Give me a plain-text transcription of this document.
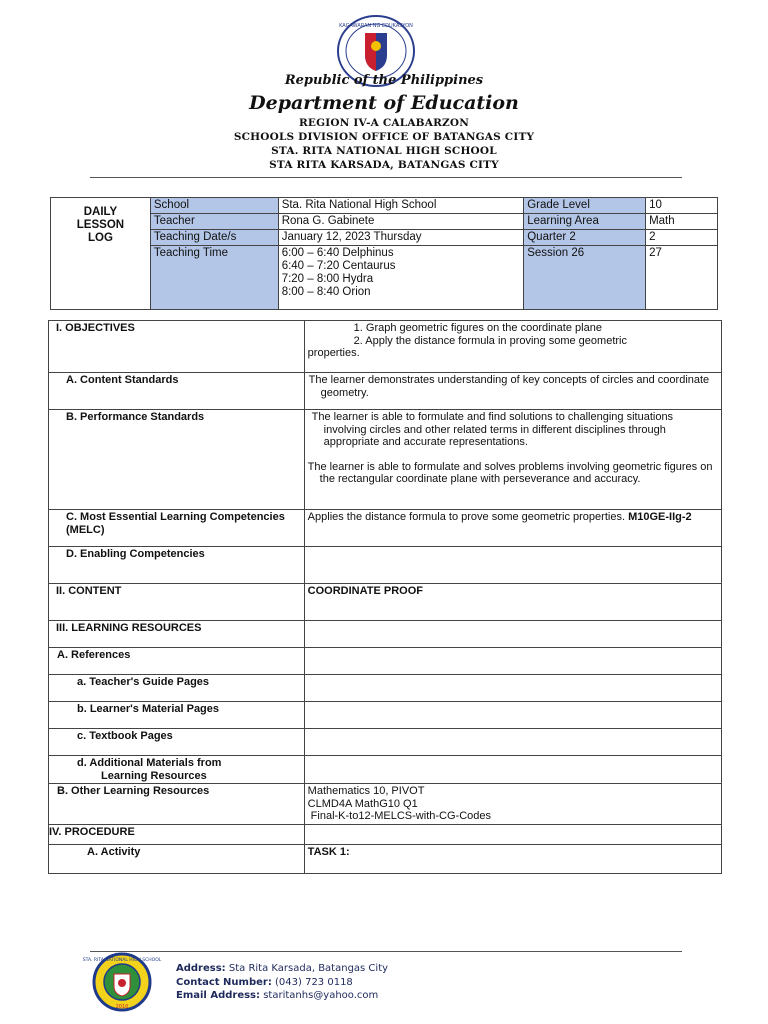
KAGAWARAN NG EDUKASYON
Republic of the Philippines
Department of Education
REGION IV-A CALABARZON
SCHOOLS DIVISION OFFICE OF BATANGAS CITY
STA. RITA NATIONAL HIGH SCHOOL
STA RITA KARSADA, BATANGAS CITY
DAILY
LESSON
LOG	School	Sta. Rita National High School	Grade Level	10
	Teacher	Rona G. Gabinete	Learning Area	Math
	Teaching Date/s	January 12, 2023 Thursday	Quarter 2	2
	Teaching Time	6:00 – 6:40 Delphinus
6:40 – 7:20 Centaurus
7:20 – 8:00 Hydra
8:00 – 8:40 Orion	Session 26	27
I. OBJECTIVES	1. Graph geometric figures on the coordinate plane
2. Apply the distance formula in proving some geometric
properties.

A. Content Standards	The learner demonstrates understanding of key concepts of circles and coordinate geometry.
B. Performance Standards	The learner is able to formulate and find solutions to challenging situations involving circles and other related terms in different disciplines through appropriate and accurate representations.
The learner is able to formulate and solves problems involving geometric figures on the rectangular coordinate plane with perseverance and accuracy.

C. Most Essential Learning Competencies (MELC)	Applies the distance formula to prove some geometric properties. M10GE-IIg-2
D. Enabling Competencies	
II. CONTENT	COORDINATE PROOF
III. LEARNING RESOURCES	
A. References	
a. Teacher's Guide Pages	
b. Learner's Material Pages	
c. Textbook Pages	

d. Additional Materials from
Learning Resources	

B. Other Learning Resources	Mathematics 10, PIVOT
CLMD4A MathG10 Q1
Final-K-to12-MELCS-with-CG-Codes

IV. PROCEDURE	
A. Activity	TASK 1:
STA. RITA NATIONAL HIGH SCHOOL
2010
Address: Sta Rita Karsada, Batangas City
Contact Number: (043) 723 0118
Email Address: staritanhs@yahoo.com
